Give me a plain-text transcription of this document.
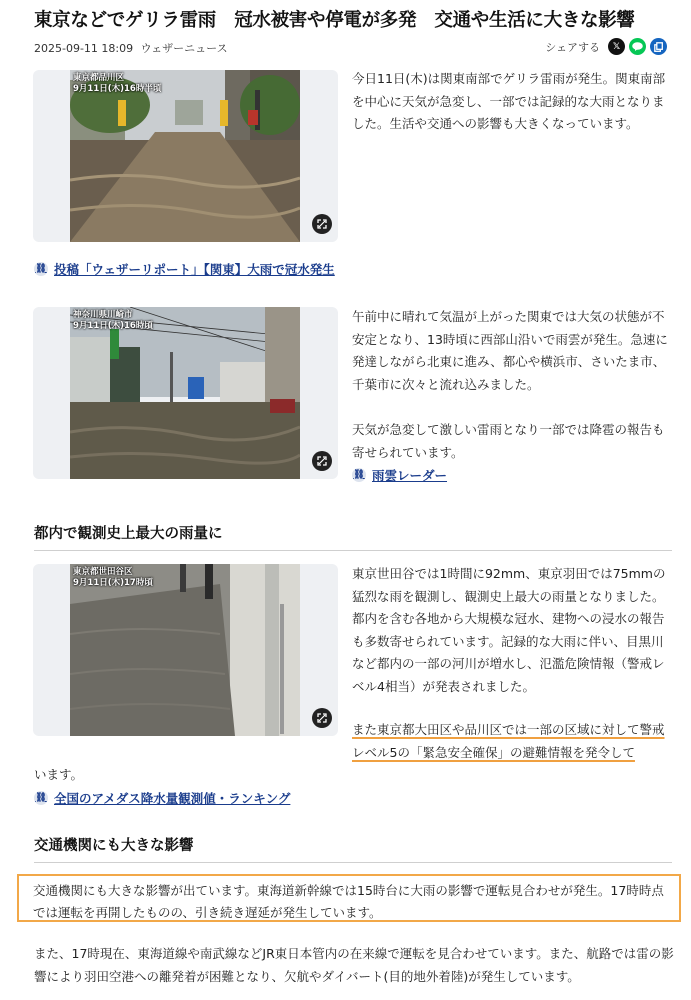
東京などでゲリラ雷雨　冠水被害や停電が多発　交通や生活に大きな影響
2025-09-11 18:09 ウェザーニュース	シェアする	𝕏
東京都品川区
9月11日(木)16時半頃
今日11日(木)は関東南部でゲリラ雷雨が発生。関東南部を中心に天気が急変し、一部では記録的な大雨となりました。生活や交通への影響も大きくなっています。
⛓ 投稿「ウェザーリポート」【関東】大雨で冠水発生
神奈川県川崎市
9月11日(木)16時頃
午前中に晴れて気温が上がった関東では大気の状態が不安定となり、13時頃に西部山沿いで雨雲が発生。急速に発達しながら北東に進み、都心や横浜市、さいたま市、千葉市に次々と流れ込みました。
天気が急変して激しい雷雨となり一部では降雹の報告も寄せられています。
⛓ 雨雲レーダー
都内で観測史上最大の雨量に
東京都世田谷区
9月11日(木)17時頃
東京世田谷では1時間に92mm、東京羽田では75mmの猛烈な雨を観測し、観測史上最大の雨量となりました。都内を含む各地から大規模な冠水、建物への浸水の報告も多数寄せられています。記録的な大雨に伴い、目黒川など都内の一部の河川が増水し、氾濫危険情報（警戒レベル4相当）が発表されました。
また東京都大田区や品川区では一部の区域に対して警戒レベル5の「緊急安全確保」の避難情報を発令して
います。
⛓ 全国のアメダス降水量観測値・ランキング
交通機関にも大きな影響
交通機関にも大きな影響が出ています。東海道新幹線では15時台に大雨の影響で運転見合わせが発生。17時時点では運転を再開したものの、引き続き遅延が発生しています。
また、17時現在、東海道線や南武線などJR東日本管内の在来線で運転を見合わせています。また、航路では雷の影響により羽田空港への離発着が困難となり、欠航やダイバート(目的地外着陸)が発生しています。
